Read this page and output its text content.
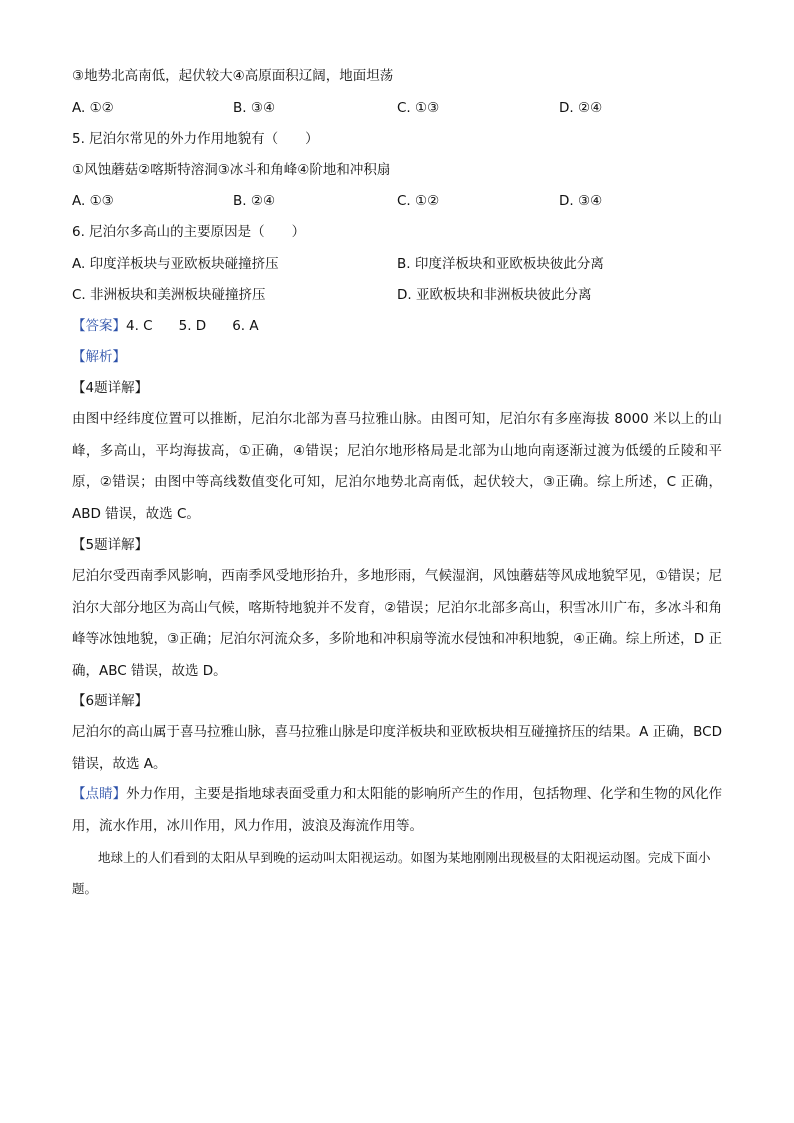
③地势北高南低，起伏较大④高原面积辽阔，地面坦荡
A. ①②	B. ③④	C. ①③	D. ②④
5. 尼泊尔常见的外力作用地貌有（　　）
①风蚀蘑菇②喀斯特溶洞③冰斗和角峰④阶地和冲积扇
A. ①③	B. ②④	C. ①②	D. ③④
6. 尼泊尔多高山的主要原因是（　　）
A. 印度洋板块与亚欧板块碰撞挤压	B. 印度洋板块和亚欧板块彼此分离
C. 非洲板块和美洲板块碰撞挤压	D. 亚欧板块和非洲板块彼此分离
【答案】4. C 5. D 6. A
【解析】
【4题详解】
由图中经纬度位置可以推断，尼泊尔北部为喜马拉雅山脉。由图可知，尼泊尔有多座海拔 8000 米以上的山峰，多高山，平均海拔高，①正确，④错误；尼泊尔地形格局是北部为山地向南逐渐过渡为低缓的丘陵和平原，②错误；由图中等高线数值变化可知，尼泊尔地势北高南低，起伏较大，③正确。综上所述，C 正确，ABD 错误，故选 C。
【5题详解】
尼泊尔受西南季风影响，西南季风受地形抬升，多地形雨，气候湿润，风蚀蘑菇等风成地貌罕见，①错误；尼泊尔大部分地区为高山气候，喀斯特地貌并不发育，②错误；尼泊尔北部多高山，积雪冰川广布，多冰斗和角峰等冰蚀地貌，③正确；尼泊尔河流众多，多阶地和冲积扇等流水侵蚀和冲积地貌，④正确。综上所述，D 正确，ABC 错误，故选 D。
【6题详解】
尼泊尔的高山属于喜马拉雅山脉，喜马拉雅山脉是印度洋板块和亚欧板块相互碰撞挤压的结果。A 正确，BCD 错误，故选 A。
【点睛】外力作用，主要是指地球表面受重力和太阳能的影响所产生的作用，包括物理、化学和生物的风化作用，流水作用，冰川作用，风力作用，波浪及海流作用等。
地球上的人们看到的太阳从早到晚的运动叫太阳视运动。如图为某地刚刚出现极昼的太阳视运动图。完成下面小题。
